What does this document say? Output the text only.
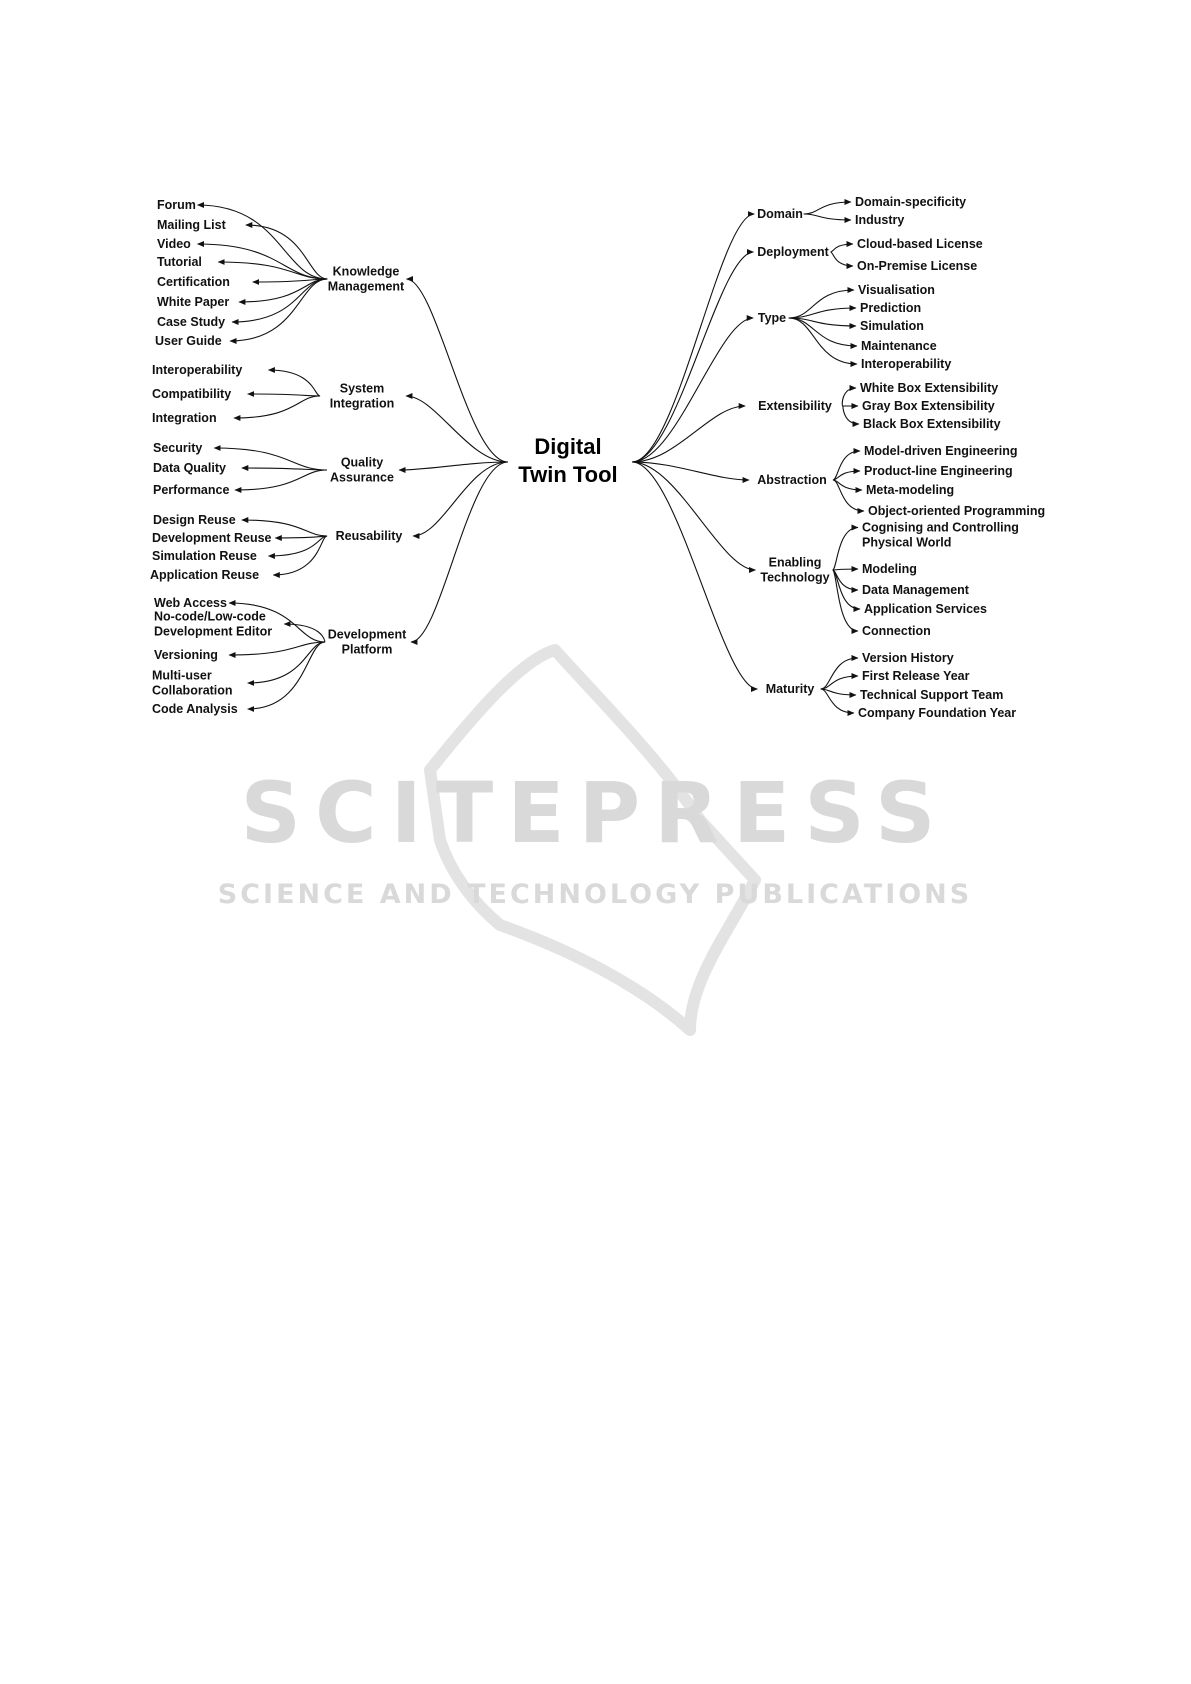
SCITEPRESS
SCIENCE AND TECHNOLOGY PUBLICATIONS
Digital
Twin Tool
Knowledge Management
Forum
Mailing List
Video
Tutorial
Certification
White Paper
Case Study
User Guide
System Integration
Interoperability
Compatibility
Integration
Quality Assurance
Security
Data Quality
Performance
Reusability
Design Reuse
Development Reuse
Simulation Reuse
Application Reuse
Development Platform
Web Access
No-code/Low-code Development Editor
Versioning
Multi-user Collaboration
Code Analysis
Domain
Domain-specificity
Industry
Deployment
Cloud-based License
On-Premise License
Type
Visualisation
Prediction
Simulation
Maintenance
Interoperability
Extensibility
White Box Extensibility
Gray Box Extensibility
Black Box Extensibility
Abstraction
Model-driven Engineering
Product-line Engineering
Meta-modeling
Object-oriented Programming
Enabling Technology
Cognising and Controlling Physical World
Modeling
Data Management
Application Services
Connection
Maturity
Version History
First Release Year
Technical Support Team
Company Foundation Year
